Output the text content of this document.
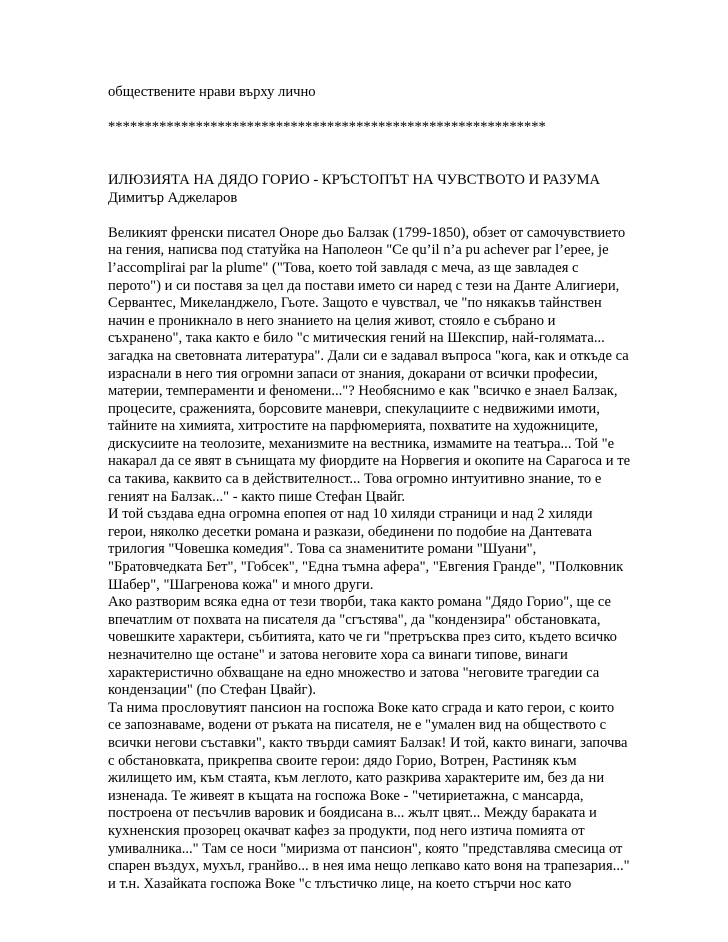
обществените нрави върху лично
************************************************************
ИЛЮЗИЯТА НА ДЯДО ГОРИО - КРЪСТОПЪТ НА ЧУВСТВОТО И РАЗУМА
Димитър Аджеларов
Великият френски писател Оноре дьо Балзак (1799-1850), обзет от самочувствието
на гения, написва под статуйка на Наполеон "Ce qu’il n’a pu achever par l’epee, je
l’accomplirai par la plume" ("Това, което той завладя с меча, аз ще завладея с
перото") и си поставя за цел да постави името си наред с тези на Данте Алигиери,
Сервантес, Микеланджело, Гьоте. Защото е чувствал, че "по някакъв тайнствен
начин е проникнало в него знанието на целия живот, стояло е събрано и
съхранено", така както е било "с митическия гений на Шекспир, най-голямата...
загадка на световната литература". Дали си е задавал въпроса "кога, как и откъде са
израснали в него тия огромни запаси от знания, докарани от всички професии,
материи, темпераменти и феномени..."? Необяснимо е как "всичко е знаел Балзак,
процесите, сраженията, борсовите маневри, спекулациите с недвижими имоти,
тайните на химията, хитростите на парфюмерията, похватите на художниците,
дискусиите на теолозите, механизмите на вестника, измамите на театъра... Той "е
накарал да се явят в сънищата му фиордите на Норвегия и окопите на Сарагоса и те
са такива, каквито са в действителност... Това огромно интуитивно знание, то е
геният на Балзак..." - както пише Стефан Цвайг.
И той създава една огромна епопея от над 10 хиляди страници и над 2 хиляди
герои, няколко десетки романа и разкази, обединени по подобие на Дантевата
трилогия "Човешка комедия". Това са знаменитите романи "Шуани",
"Братовчедката Бет", "Гобсек", "Една тъмна афера", "Евгения Гранде", "Полковник
Шабер", "Шагренова кожа" и много други.
Ако разтворим всяка една от тези творби, така както романа "Дядо Горио", ще се
впечатлим от похвата на писателя да "сгъстява", да "кондензира" обстановката,
човешките характери, събитията, като че ги "претръсква през сито, където всичко
незначително ще остане" и затова неговите хора са винаги типове, винаги
характеристично обхващане на едно множество и затова "неговите трагедии са
кондензации" (по Стефан Цвайг).
Та нима прословутият пансион на госпожа Воке като сграда и като герои, с които
се запознаваме, водени от ръката на писателя, не е "умален вид на обществото с
всички негови съставки", както твърди самият Балзак! И той, както винаги, започва
с обстановката, прикрепва своите герои: дядо Горио, Вотрен, Растиняк към
жилището им, към стаята, към леглото, като разкрива характерите им, без да ни
изненада. Те живеят в къщата на госпожа Воке - "четириетажна, с мансарда,
построена от песъчлив варовик и боядисана в... жълт цвят... Между бараката и
кухненския прозорец окачват кафез за продукти, под него изтича помията от
умивалника..." Там се носи "миризма от пансион", която "представлява смесица от
спарен въздух, мухъл, гранйво... в нея има нещо лепкаво като воня на трапезария..."
и т.н. Хазайката госпожа Воке "с тлъстичко лице, на което стърчи нос като
